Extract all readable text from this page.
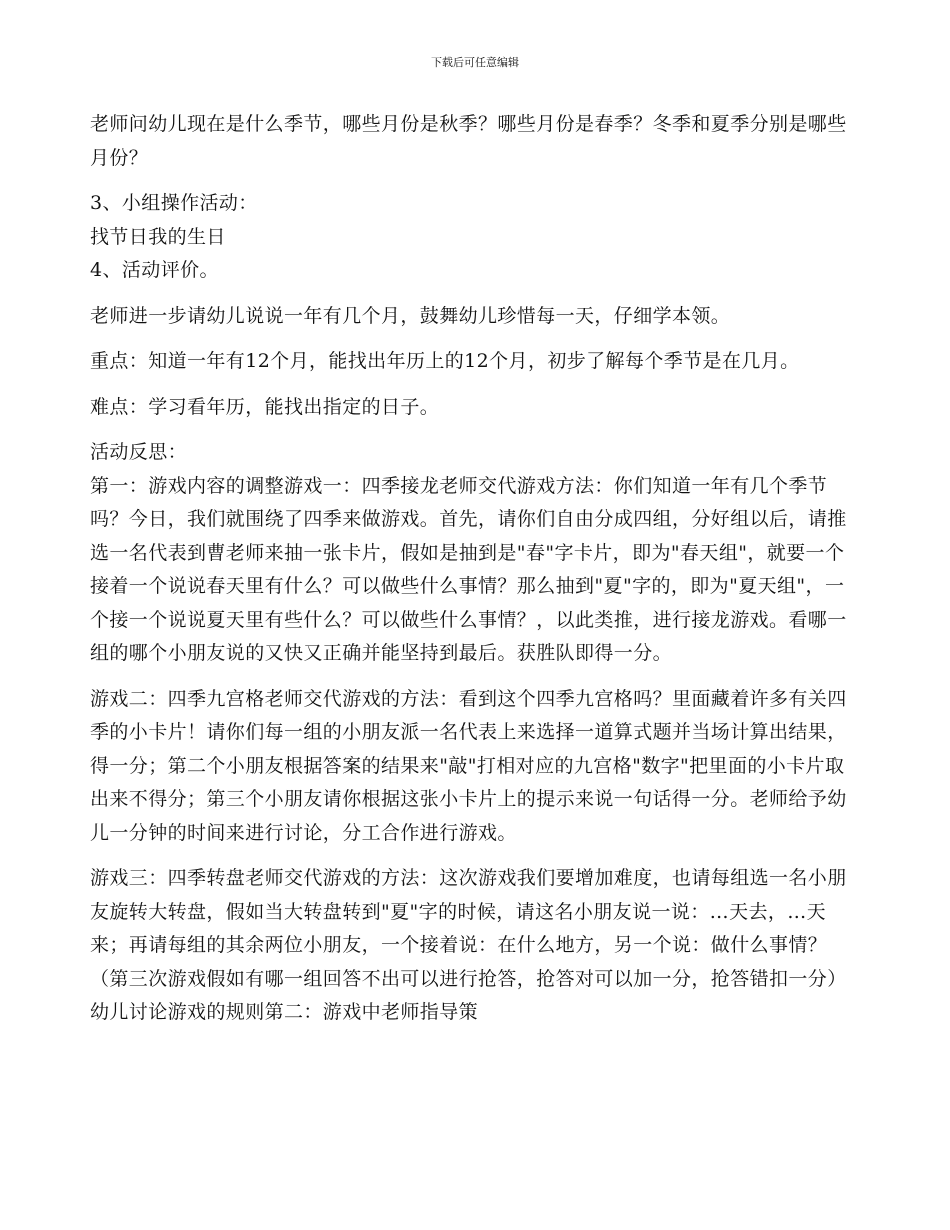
下载后可任意编辑

老师问幼儿现在是什么季节，哪些月份是秋季？哪些月份是春季？冬季和夏季分别是哪些月份？

3、小组操作活动：

找节日我的生日

4、活动评价。

老师进一步请幼儿说说一年有几个月，鼓舞幼儿珍惜每一天，仔细学本领。

重点：知道一年有12个月，能找出年历上的12个月，初步了解每个季节是在几月。

难点：学习看年历，能找出指定的日子。

活动反思：

第一：游戏内容的调整游戏一：四季接龙老师交代游戏方法：你们知道一年有几个季节吗？今日，我们就围绕了四季来做游戏。首先，请你们自由分成四组，分好组以后，请推选一名代表到曹老师来抽一张卡片，假如是抽到是"春"字卡片，即为"春天组"，就要一个接着一个说说春天里有什么？可以做些什么事情？那么抽到"夏"字的，即为"夏天组"，一个接一个说说夏天里有些什么？可以做些什么事情？，以此类推，进行接龙游戏。看哪一组的哪个小朋友说的又快又正确并能坚持到最后。获胜队即得一分。

游戏二：四季九宫格老师交代游戏的方法：看到这个四季九宫格吗？里面藏着许多有关四季的小卡片！请你们每一组的小朋友派一名代表上来选择一道算式题并当场计算出结果，得一分；第二个小朋友根据答案的结果来"敲"打相对应的九宫格"数字"把里面的小卡片取出来不得分；第三个小朋友请你根据这张小卡片上的提示来说一句话得一分。老师给予幼儿一分钟的时间来进行讨论，分工合作进行游戏。

游戏三：四季转盘老师交代游戏的方法：这次游戏我们要增加难度，也请每组选一名小朋友旋转大转盘，假如当大转盘转到"夏"字的时候，请这名小朋友说一说：…天去，…天来；再请每组的其余两位小朋友，一个接着说：在什么地方，另一个说：做什么事情？（第三次游戏假如有哪一组回答不出可以进行抢答，抢答对可以加一分，抢答错扣一分）幼儿讨论游戏的规则第二：游戏中老师指导策
